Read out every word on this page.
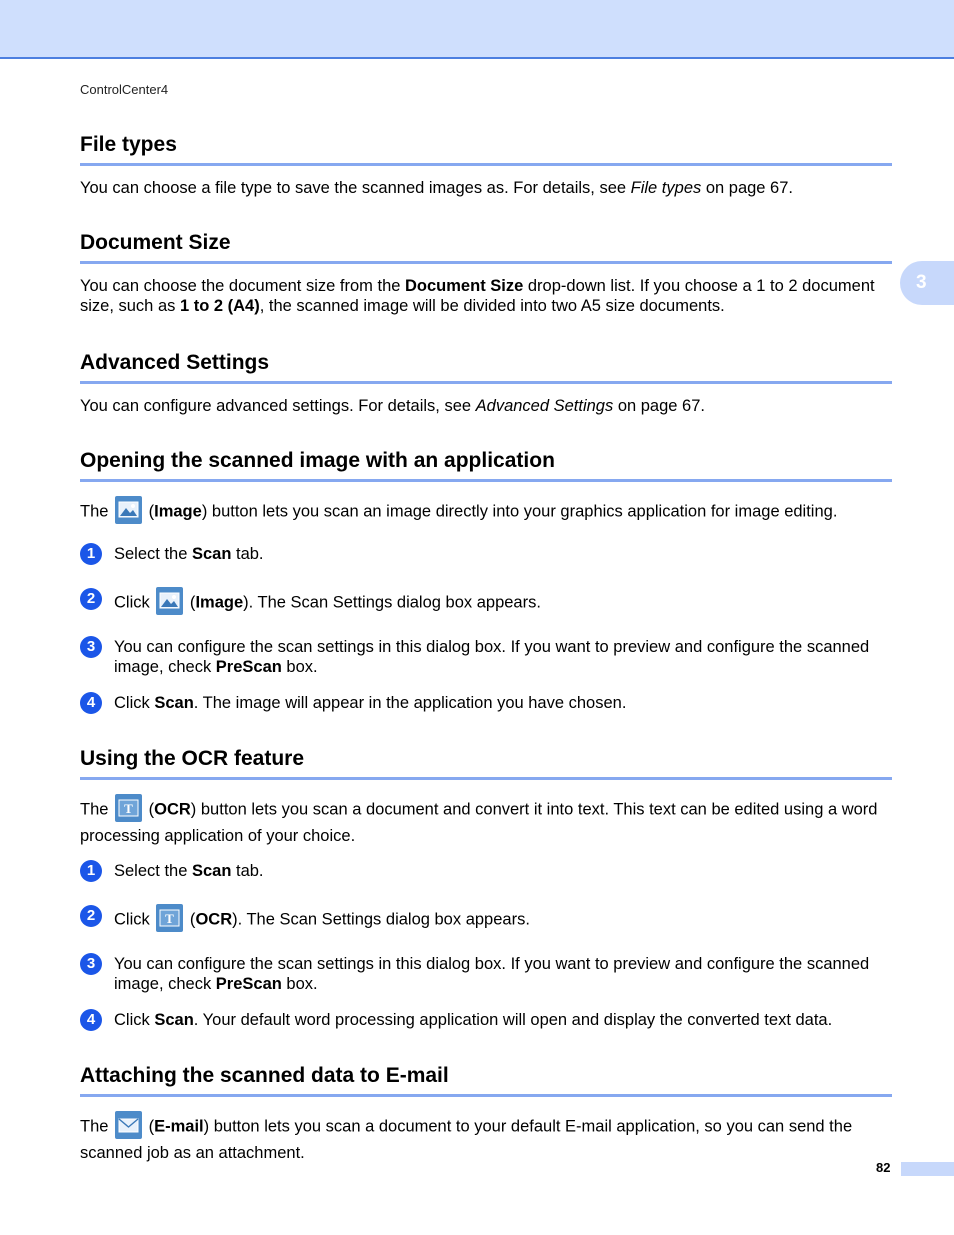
ControlCenter4
3
File types

You can choose a file type to save the scanned images as. For details, see File types on page 67.

Document Size

You can choose the document size from the Document Size drop-down list. If you choose a 1 to 2 document size, such as 1 to 2 (A4), the scanned image will be divided into two A5 size documents.

Advanced Settings

You can configure advanced settings. For details, see Advanced Settings on page 67.

Opening the scanned image with an application

The
(Image) button lets you scan an image directly into your graphics application for image editing.

1	Select the Scan tab.
2	Click
(Image). The Scan Settings dialog box appears.
3	You can configure the scan settings in this dialog box. If you want to preview and configure the scanned image, check PreScan box.
4	Click Scan. The image will appear in the application you have chosen.
Using the OCR feature

The T (OCR) button lets you scan a document and convert it into text. This text can be edited using a word processing application of your choice.

1	Select the Scan tab.
2	Click T (OCR). The Scan Settings dialog box appears.
3	You can configure the scan settings in this dialog box. If you want to preview and configure the scanned image, check PreScan box.
4	Click Scan. Your default word processing application will open and display the converted text data.
Attaching the scanned data to E-mail

The
(E-mail) button lets you scan a document to your default E-mail application, so you can send the scanned job as an attachment.

82
